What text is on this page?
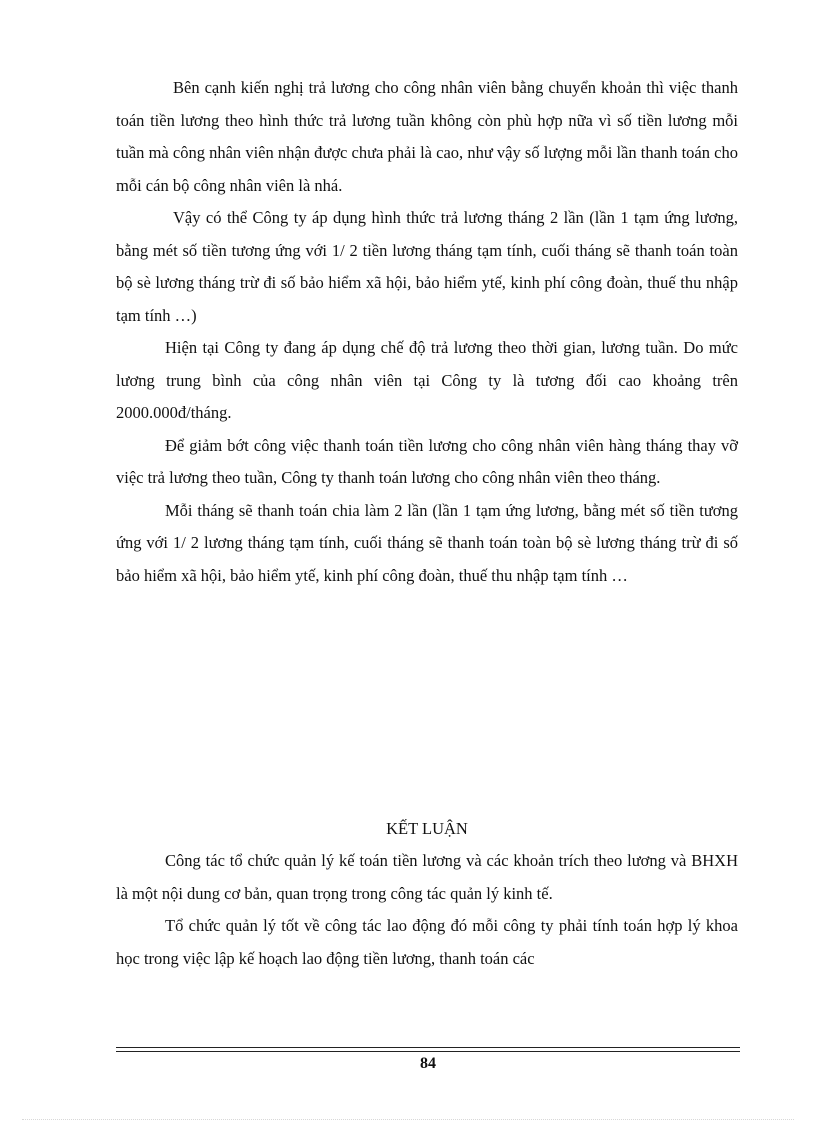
Bên cạnh kiến nghị trả lương cho công nhân viên bằng chuyển khoản thì việc thanh toán tiền lương theo hình thức trả lương tuần không còn phù hợp nữa vì số tiền lương mỗi tuần mà công nhân viên nhận được chưa phải là cao, như vậy số lượng mỗi lần thanh toán cho mỗi cán bộ công nhân viên là nhá.

Vậy có thể Công ty áp dụng hình thức trả lương tháng 2 lần (lần 1 tạm ứng lương, bằng mét số tiền tương ứng với 1/ 2 tiền lương tháng tạm tính, cuối tháng sẽ thanh toán toàn bộ sè lương tháng trừ đi số bảo hiểm xã hội, bảo hiểm ytế, kinh phí công đoàn, thuế thu nhập tạm tính …)

Hiện tại Công ty đang áp dụng chế độ trả lương theo thời gian, lương tuần. Do mức lương trung bình của công nhân viên tại Công ty là tương đối cao khoảng trên 2000.000đ/tháng.

Để giảm bớt công việc thanh toán tiền lương cho công nhân viên hàng tháng thay vỡ việc trả lương theo tuần, Công ty thanh toán lương cho công nhân viên theo tháng.

Mỗi tháng sẽ thanh toán chia làm 2 lần (lần 1 tạm ứng lương, bằng mét số tiền tương ứng với 1/ 2 lương tháng tạm tính, cuối tháng sẽ thanh toán toàn bộ sè lương tháng trừ đi số bảo hiểm xã hội, bảo hiểm ytế, kinh phí công đoàn, thuế thu nhập tạm tính …

KẾT LUẬN

Công tác tổ chức quản lý kế toán tiền lương và các khoản trích theo lương và BHXH là một nội dung cơ bản, quan trọng trong công tác quản lý kinh tế.

Tổ chức quản lý tốt về công tác lao động đó mỗi công ty phải tính toán hợp lý khoa học trong việc lập kế hoạch lao động tiền lương, thanh toán các

84
